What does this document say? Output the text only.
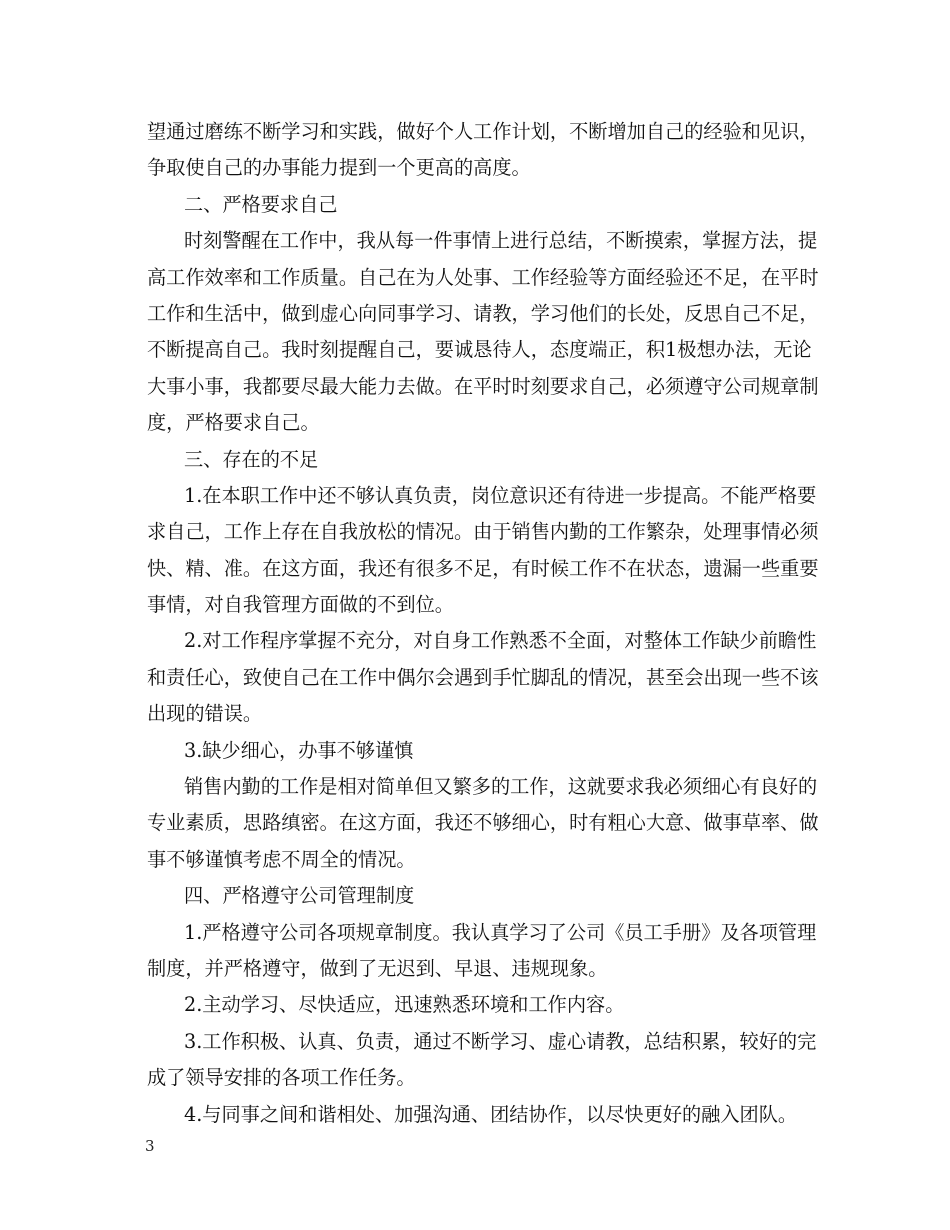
望通过磨练不断学习和实践，做好个人工作计划，不断增加自己的经验和见识，
争取使自己的办事能力提到一个更高的高度。
二、严格要求自己
时刻警醒在工作中，我从每一件事情上进行总结，不断摸索，掌握方法，提
高工作效率和工作质量。自己在为人处事、工作经验等方面经验还不足，在平时
工作和生活中，做到虚心向同事学习、请教，学习他们的长处，反思自己不足，
不断提高自己。我时刻提醒自己，要诚恳待人，态度端正，积1极想办法，无论
大事小事，我都要尽最大能力去做。在平时时刻要求自己，必须遵守公司规章制
度，严格要求自己。
三、存在的不足
1.在本职工作中还不够认真负责，岗位意识还有待进一步提高。不能严格要
求自己，工作上存在自我放松的情况。由于销售内勤的工作繁杂，处理事情必须
快、精、准。在这方面，我还有很多不足，有时候工作不在状态，遗漏一些重要
事情，对自我管理方面做的不到位。
2.对工作程序掌握不充分，对自身工作熟悉不全面，对整体工作缺少前瞻性
和责任心，致使自己在工作中偶尔会遇到手忙脚乱的情况，甚至会出现一些不该
出现的错误。
3.缺少细心，办事不够谨慎
销售内勤的工作是相对简单但又繁多的工作，这就要求我必须细心有良好的
专业素质，思路缜密。在这方面，我还不够细心，时有粗心大意、做事草率、做
事不够谨慎考虑不周全的情况。
四、严格遵守公司管理制度
1.严格遵守公司各项规章制度。我认真学习了公司《员工手册》及各项管理
制度，并严格遵守，做到了无迟到、早退、违规现象。
2.主动学习、尽快适应，迅速熟悉环境和工作内容。
3.工作积极、认真、负责，通过不断学习、虚心请教，总结积累，较好的完
成了领导安排的各项工作任务。
4.与同事之间和谐相处、加强沟通、团结协作，以尽快更好的融入团队。
3
